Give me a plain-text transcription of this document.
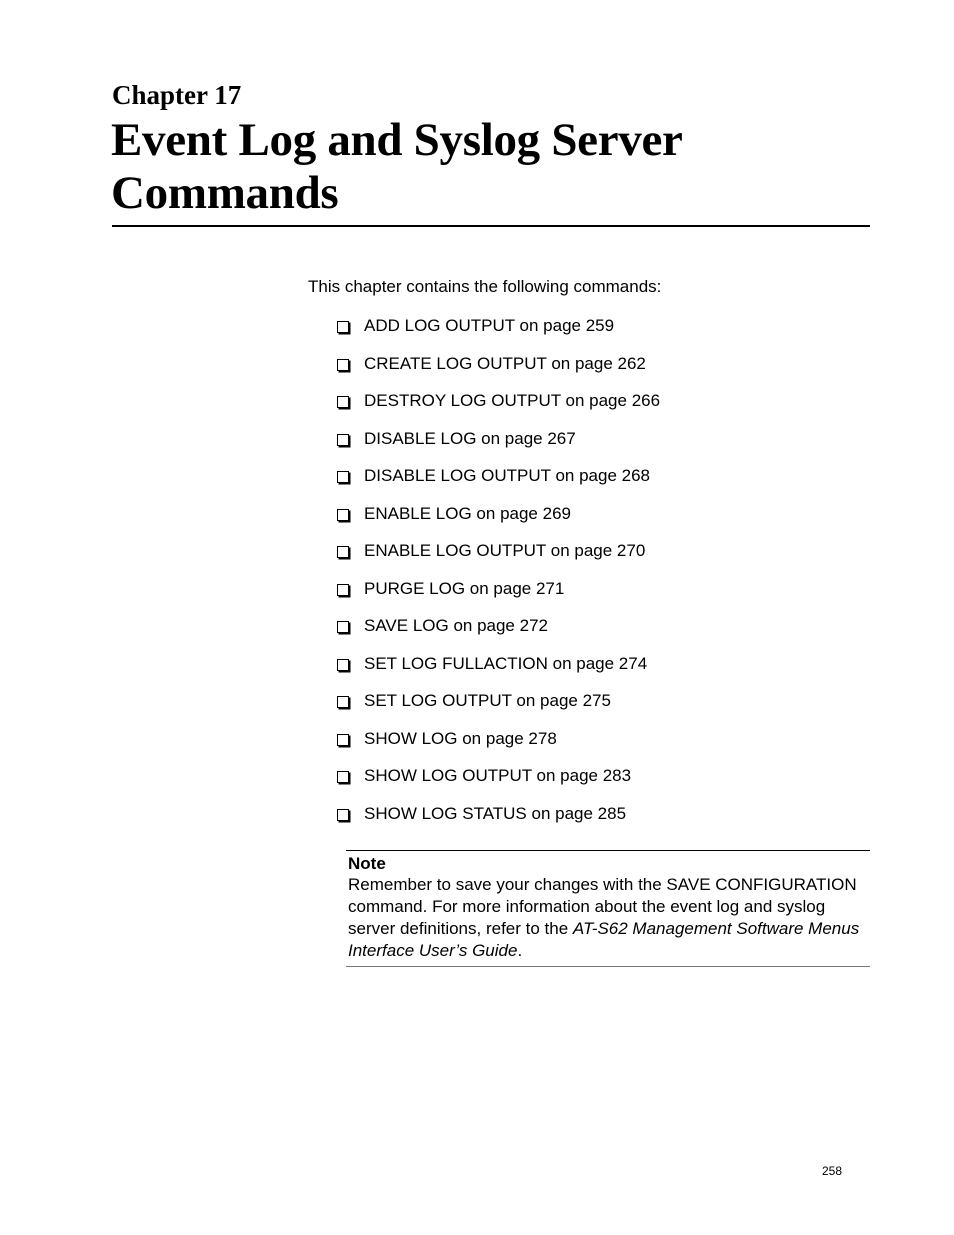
Chapter 17
Event Log and Syslog Server Commands

This chapter contains the following commands:

ADD LOG OUTPUT on page 259
CREATE LOG OUTPUT on page 262
DESTROY LOG OUTPUT on page 266
DISABLE LOG on page 267
DISABLE LOG OUTPUT on page 268
ENABLE LOG on page 269
ENABLE LOG OUTPUT on page 270
PURGE LOG on page 271
SAVE LOG on page 272
SET LOG FULLACTION on page 274
SET LOG OUTPUT on page 275
SHOW LOG on page 278
SHOW LOG OUTPUT on page 283
SHOW LOG STATUS on page 285

Note

Remember to save your changes with the SAVE CONFIGURATION command. For more information about the event log and syslog server definitions, refer to the AT-S62 Management Software Menus Interface User’s Guide.

258
